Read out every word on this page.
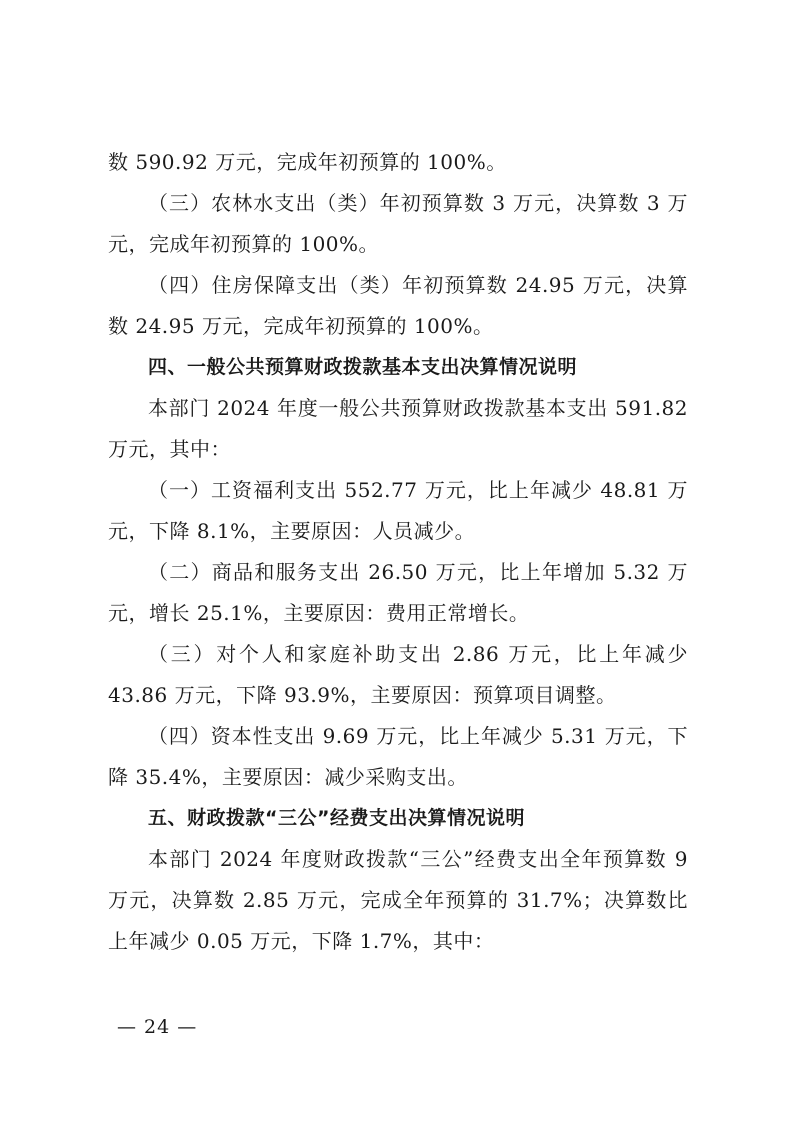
数 590.92 万元，完成年初预算的 100%。

（三）农林水支出（类）年初预算数 3 万元，决算数 3 万元，完成年初预算的 100%。

（四）住房保障支出（类）年初预算数 24.95 万元，决算数 24.95 万元，完成年初预算的 100%。

四、一般公共预算财政拨款基本支出决算情况说明

本部门 2024 年度一般公共预算财政拨款基本支出 591.82 万元，其中：

（一）工资福利支出 552.77 万元，比上年减少 48.81 万元，下降 8.1%，主要原因：人员减少。

（二）商品和服务支出 26.50 万元，比上年增加 5.32 万元，增长 25.1%，主要原因：费用正常增长。

（三）对个人和家庭补助支出 2.86 万元，比上年减少 43.86 万元，下降 93.9%，主要原因：预算项目调整。

（四）资本性支出 9.69 万元，比上年减少 5.31 万元，下降 35.4%，主要原因：减少采购支出。

五、财政拨款“三公”经费支出决算情况说明

本部门 2024 年度财政拨款“三公”经费支出全年预算数 9 万元，决算数 2.85 万元，完成全年预算的 31.7%；决算数比上年减少 0.05 万元，下降 1.7%，其中：

— 24 —
